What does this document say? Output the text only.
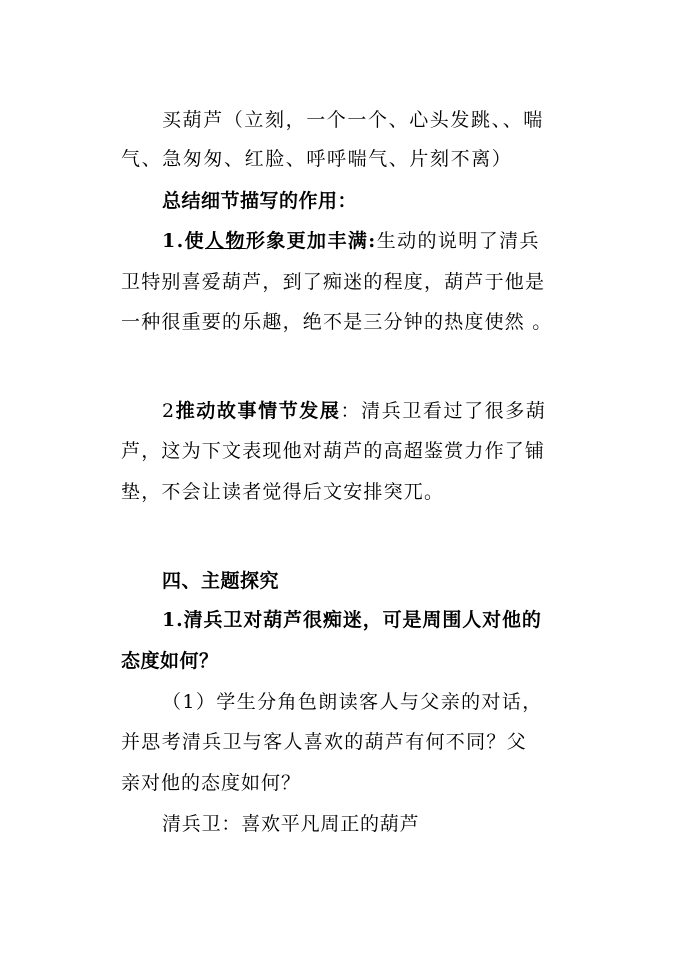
买葫芦（立刻，一个一个、心头发跳、、喘
气、急匆匆、红脸、呼呼喘气、片刻不离）
总结细节描写的作用：
1.使人物形象更加丰满:生动的说明了清兵
卫特别喜爱葫芦，到了痴迷的程度，葫芦于他是
一种很重要的乐趣，绝不是三分钟的热度使然 。
2推动故事情节发展：清兵卫看过了很多葫
芦，这为下文表现他对葫芦的高超鉴赏力作了铺
垫，不会让读者觉得后文安排突兀。
四、主题探究
1.清兵卫对葫芦很痴迷，可是周围人对他的
态度如何？
（1）学生分角色朗读客人与父亲的对话，
并思考清兵卫与客人喜欢的葫芦有何不同？父
亲对他的态度如何？
清兵卫：喜欢平凡周正的葫芦
